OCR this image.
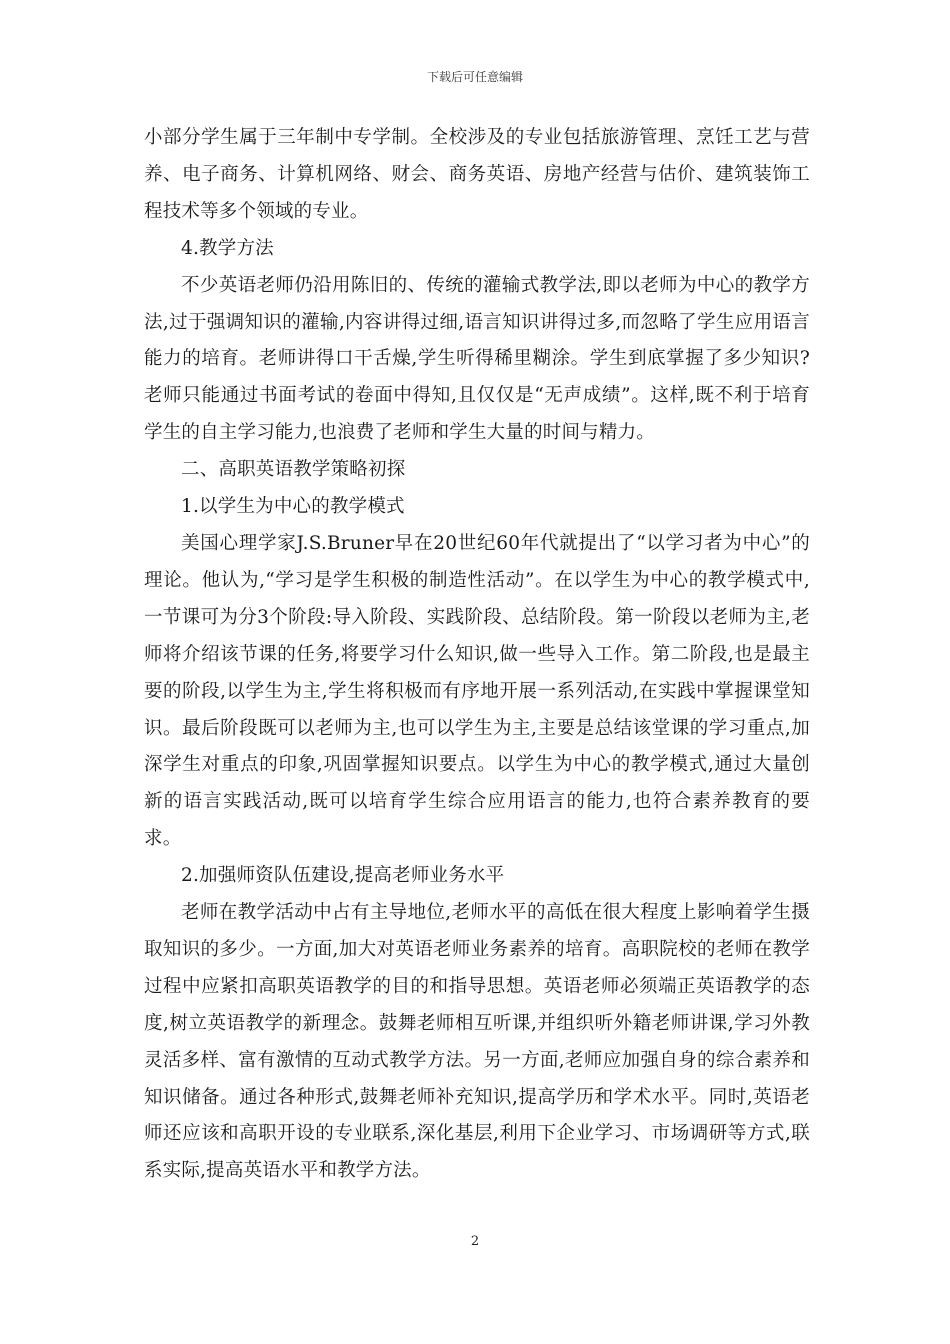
下载后可任意编辑

小部分学生属于三年制中专学制。全校涉及的专业包括旅游管理、烹饪工艺与营养、电子商务、计算机网络、财会、商务英语、房地产经营与估价、建筑装饰工程技术等多个领域的专业。

4.教学方法

不少英语老师仍沿用陈旧的、传统的灌输式教学法,即以老师为中心的教学方法,过于强调知识的灌输,内容讲得过细,语言知识讲得过多,而忽略了学生应用语言能力的培育。老师讲得口干舌燥,学生听得稀里糊涂。学生到底掌握了多少知识?老师只能通过书面考试的卷面中得知,且仅仅是“无声成绩”。这样,既不利于培育学生的自主学习能力,也浪费了老师和学生大量的时间与精力。

二、高职英语教学策略初探

1.以学生为中心的教学模式

美国心理学家J.S.Bruner早在20世纪60年代就提出了“以学习者为中心”的理论。他认为,“学习是学生积极的制造性活动”。在以学生为中心的教学模式中,一节课可为分3个阶段:导入阶段、实践阶段、总结阶段。第一阶段以老师为主,老师将介绍该节课的任务,将要学习什么知识,做一些导入工作。第二阶段,也是最主要的阶段,以学生为主,学生将积极而有序地开展一系列活动,在实践中掌握课堂知识。最后阶段既可以老师为主,也可以学生为主,主要是总结该堂课的学习重点,加深学生对重点的印象,巩固掌握知识要点。以学生为中心的教学模式,通过大量创新的语言实践活动,既可以培育学生综合应用语言的能力,也符合素养教育的要求。

2.加强师资队伍建设,提高老师业务水平

老师在教学活动中占有主导地位,老师水平的高低在很大程度上影响着学生摄取知识的多少。一方面,加大对英语老师业务素养的培育。高职院校的老师在教学过程中应紧扣高职英语教学的目的和指导思想。英语老师必须端正英语教学的态度,树立英语教学的新理念。鼓舞老师相互听课,并组织听外籍老师讲课,学习外教灵活多样、富有激情的互动式教学方法。另一方面,老师应加强自身的综合素养和知识储备。通过各种形式,鼓舞老师补充知识,提高学历和学术水平。同时,英语老师还应该和高职开设的专业联系,深化基层,利用下企业学习、市场调研等方式,联系实际,提高英语水平和教学方法。

2
